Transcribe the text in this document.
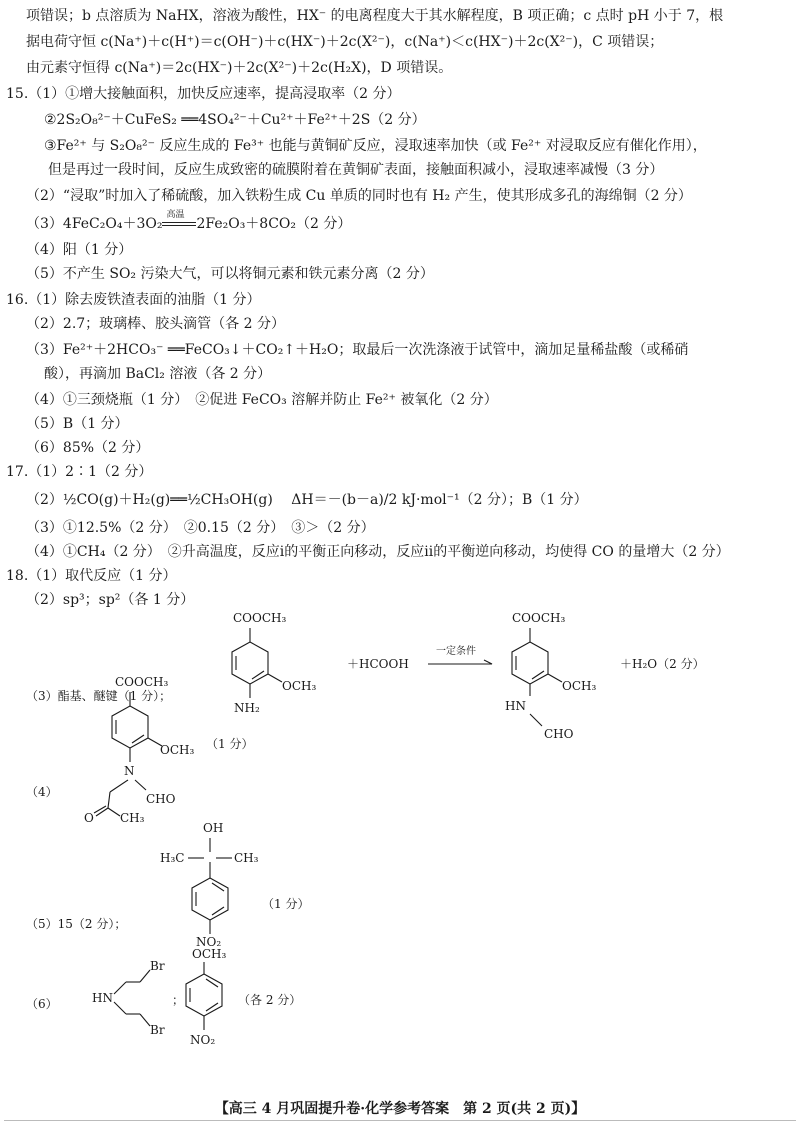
项错误；b 点溶质为 NaHX，溶液为酸性，HX⁻ 的电离程度大于其水解程度，B 项正确；c 点时 pH 小于 7，根
据电荷守恒 c(Na⁺)＋c(H⁺)＝c(OH⁻)＋c(HX⁻)＋2c(X²⁻)，c(Na⁺)＜c(HX⁻)＋2c(X²⁻)，C 项错误；
由元素守恒得 c(Na⁺)＝2c(HX⁻)＋2c(X²⁻)＋2c(H₂X)，D 项错误。
15.（1）①增大接触面积，加快反应速率，提高浸取率（2 分）
②2S₂O₈²⁻＋CuFeS₂ ══4SO₄²⁻＋Cu²⁺＋Fe²⁺＋2S（2 分）
③Fe²⁺ 与 S₂O₈²⁻ 反应生成的 Fe³⁺ 也能与黄铜矿反应，浸取速率加快（或 Fe²⁺ 对浸取反应有催化作用），
但是再过一段时间，反应生成致密的硫膜附着在黄铜矿表面，接触面积减小，浸取速率减慢（3 分）
（2）“浸取”时加入了稀硫酸，加入铁粉生成 Cu 单质的同时也有 H₂ 产生，使其形成多孔的海绵铜（2 分）
（3）4FeC₂O₄＋3O₂
高温
2Fe₂O₃＋8CO₂（2 分）
（4）阳（1 分）
（5）不产生 SO₂ 污染大气，可以将铜元素和铁元素分离（2 分）
16.（1）除去废铁渣表面的油脂（1 分）
（2）2.7；玻璃棒、胶头滴管（各 2 分）
（3）Fe²⁺＋2HCO₃⁻ ══FeCO₃↓＋CO₂↑＋H₂O；取最后一次洗涤液于试管中，滴加足量稀盐酸（或稀硝
酸），再滴加 BaCl₂ 溶液（各 2 分）
（4）①三颈烧瓶（1 分）　②促进 FeCO₃ 溶解并防止 Fe²⁺ 被氧化（2 分）
（5）B（1 分）
（6）85%（2 分）
17.（1）2∶1（2 分）
（2）½CO(g)＋H₂(g)══½CH₃OH(g)　 ΔH＝－(b－a)/2 kJ·mol⁻¹（2 分）；B（1 分）
（3）①12.5%（2 分）　②0.15（2 分）　③＞（2 分）
（4）①CH₄（2 分）　②升高温度，反应ⅰ的平衡正向移动，反应ⅱ的平衡逆向移动，均使得 CO 的量增大（2 分）
18.（1）取代反应（1 分）
（2）sp³；sp²（各 1 分）
（3）酯基、醚键（1 分）；
COOCH₃
OCH₃
NH₂
＋HCOOH
一定条件
COOCH₃
OCH₃
HN
CHO
＋H₂O（2 分）
（4）
COOCH₃
OCH₃
N
CHO
O CH₃
（1 分）
（5）15（2 分）；
OH
H₃C	CH₃
NO₂
（1 分）
（6）	HN
Br
Br
；
OCH₃
NO₂
（各 2 分）
【高三 4 月巩固提升卷·化学参考答案　第 2 页(共 2 页)】
